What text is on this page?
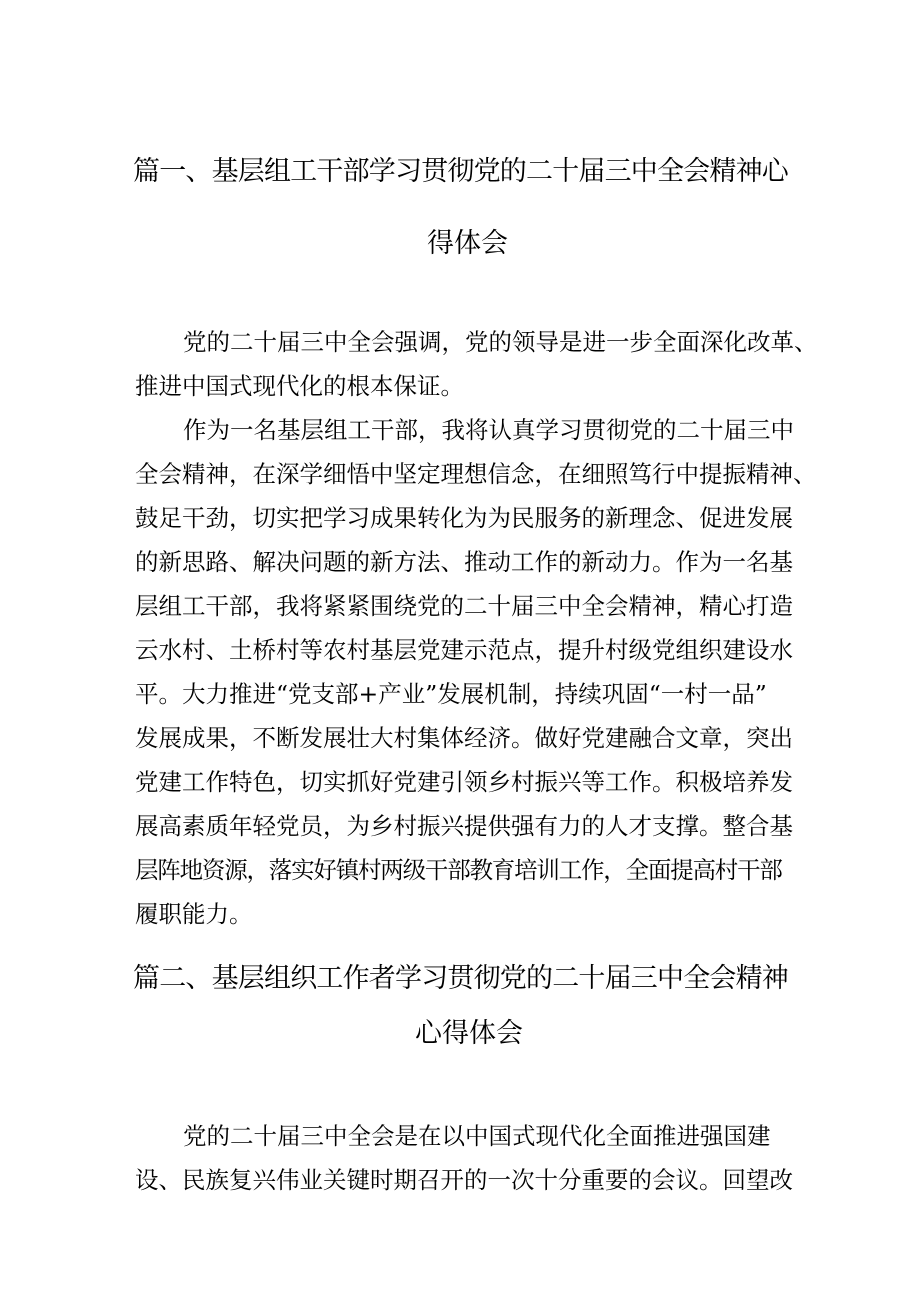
篇一、基层组工干部学习贯彻党的二十届三中全会精神心
得体会
党的二十届三中全会强调，党的领导是进一步全面深化改革、
推进中国式现代化的根本保证。
作为一名基层组工干部，我将认真学习贯彻党的二十届三中
全会精神，在深学细悟中坚定理想信念，在细照笃行中提振精神、
鼓足干劲，切实把学习成果转化为为民服务的新理念、促进发展
的新思路、解决问题的新方法、推动工作的新动力。作为一名基
层组工干部，我将紧紧围绕党的二十届三中全会精神，精心打造
云水村、土桥村等农村基层党建示范点，提升村级党组织建设水
平。大力推进“党支部+产业”发展机制，持续巩固“一村一品”
发展成果，不断发展壮大村集体经济。做好党建融合文章，突出
党建工作特色，切实抓好党建引领乡村振兴等工作。积极培养发
展高素质年轻党员，为乡村振兴提供强有力的人才支撑。整合基
层阵地资源，落实好镇村两级干部教育培训工作，全面提高村干部
履职能力。
篇二、基层组织工作者学习贯彻党的二十届三中全会精神
心得体会
党的二十届三中全会是在以中国式现代化全面推进强国建
设、民族复兴伟业关键时期召开的一次十分重要的会议。回望改
